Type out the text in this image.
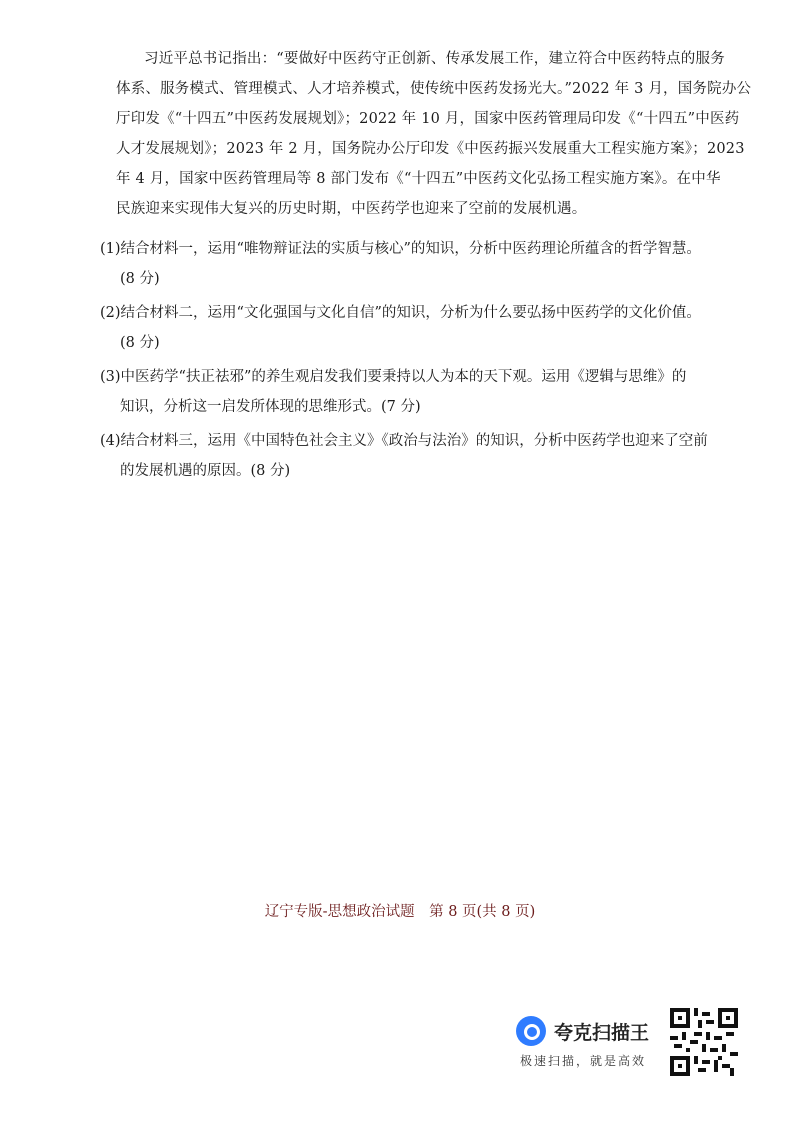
习近平总书记指出：“要做好中医药守正创新、传承发展工作，建立符合中医药特点的服务
体系、服务模式、管理模式、人才培养模式，使传统中医药发扬光大。”2022 年 3 月，国务院办公
厅印发《“十四五”中医药发展规划》；2022 年 10 月，国家中医药管理局印发《“十四五”中医药
人才发展规划》；2023 年 2 月，国务院办公厅印发《中医药振兴发展重大工程实施方案》；2023
年 4 月，国家中医药管理局等 8 部门发布《“十四五”中医药文化弘扬工程实施方案》。在中华
民族迎来实现伟大复兴的历史时期，中医药学也迎来了空前的发展机遇。
(1)结合材料一，运用“唯物辩证法的实质与核心”的知识，分析中医药理论所蕴含的哲学智慧。
(8 分)
(2)结合材料二，运用“文化强国与文化自信”的知识，分析为什么要弘扬中医药学的文化价值。
(8 分)
(3)中医药学“扶正祛邪”的养生观启发我们要秉持以人为本的天下观。运用《逻辑与思维》的
知识，分析这一启发所体现的思维形式。(7 分)
(4)结合材料三，运用《中国特色社会主义》《政治与法治》的知识，分析中医药学也迎来了空前
的发展机遇的原因。(8 分)
辽宁专版-思想政治试题　第 8 页(共 8 页)
夸克扫描王
极速扫描，就是高效
